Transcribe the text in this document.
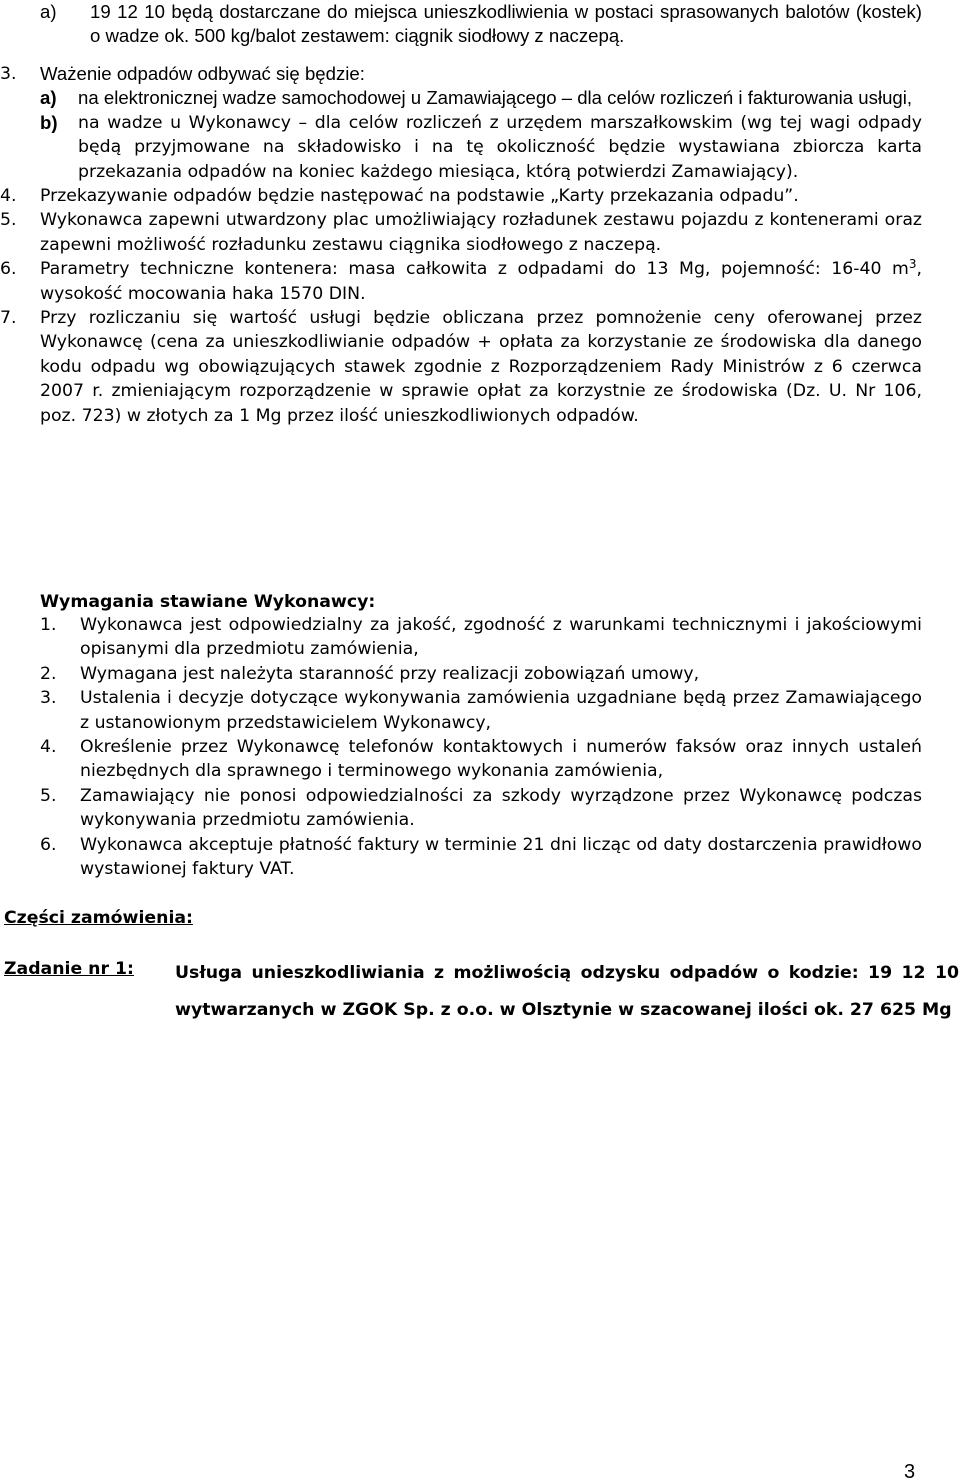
a) 19 12 10 będą dostarczane do miejsca unieszkodliwienia w postaci sprasowanych balotów (kostek) o wadze ok. 500 kg/balot zestawem: ciągnik siodłowy z naczepą.
3. Ważenie odpadów odbywać się będzie:
a) na elektronicznej wadze samochodowej u Zamawiającego – dla celów rozliczeń i fakturowania usługi,
b) na wadze u Wykonawcy – dla celów rozliczeń z urzędem marszałkowskim (wg tej wagi odpady będą przyjmowane na składowisko i na tę okoliczność będzie wystawiana zbiorcza karta przekazania odpadów na koniec każdego miesiąca, którą potwierdzi Zamawiający).
4. Przekazywanie odpadów będzie następować na podstawie „Karty przekazania odpadu”.
5. Wykonawca zapewni utwardzony plac umożliwiający rozładunek zestawu pojazdu z kontenerami oraz zapewni możliwość rozładunku zestawu ciągnika siodłowego z naczepą.
6. Parametry techniczne kontenera: masa całkowita z odpadami do 13 Mg, pojemność: 16-40 $m^3$, wysokość mocowania haka 1570 DIN.
7. Przy rozliczaniu się wartość usługi będzie obliczana przez pomnożenie ceny oferowanej przez Wykonawcę (cena za unieszkodliwianie odpadów + opłata za korzystanie ze środowiska dla danego kodu odpadu wg obowiązujących stawek zgodnie z Rozporządzeniem Rady Ministrów z 6 czerwca 2007 r. zmieniającym rozporządzenie w sprawie opłat za korzystnie ze środowiska (Dz. U. Nr 106, poz. 723) w złotych za 1 Mg przez ilość unieszkodliwionych odpadów.
Wymagania stawiane Wykonawcy:
1. Wykonawca jest odpowiedzialny za jakość, zgodność z warunkami technicznymi i jakościowymi opisanymi dla przedmiotu zamówienia,
2. Wymagana jest należyta staranność przy realizacji zobowiązań umowy,
3. Ustalenia i decyzje dotyczące wykonywania zamówienia uzgadniane będą przez Zamawiającego z ustanowionym przedstawicielem Wykonawcy,
4. Określenie przez Wykonawcę telefonów kontaktowych i numerów faksów oraz innych ustaleń niezbędnych dla sprawnego i terminowego wykonania zamówienia,
5. Zamawiający nie ponosi odpowiedzialności za szkody wyrządzone przez Wykonawcę podczas wykonywania przedmiotu zamówienia.
6. Wykonawca akceptuje płatność faktury w terminie 21 dni licząc od daty dostarczenia prawidłowo wystawionej faktury VAT.
Części zamówienia:
Zadanie nr 1: Usługa unieszkodliwiania z możliwością odzysku odpadów o kodzie: 19 12 10 wytwarzanych w ZGOK Sp. z o.o. w Olsztynie w szacowanej ilości ok. 27 625 Mg
3
